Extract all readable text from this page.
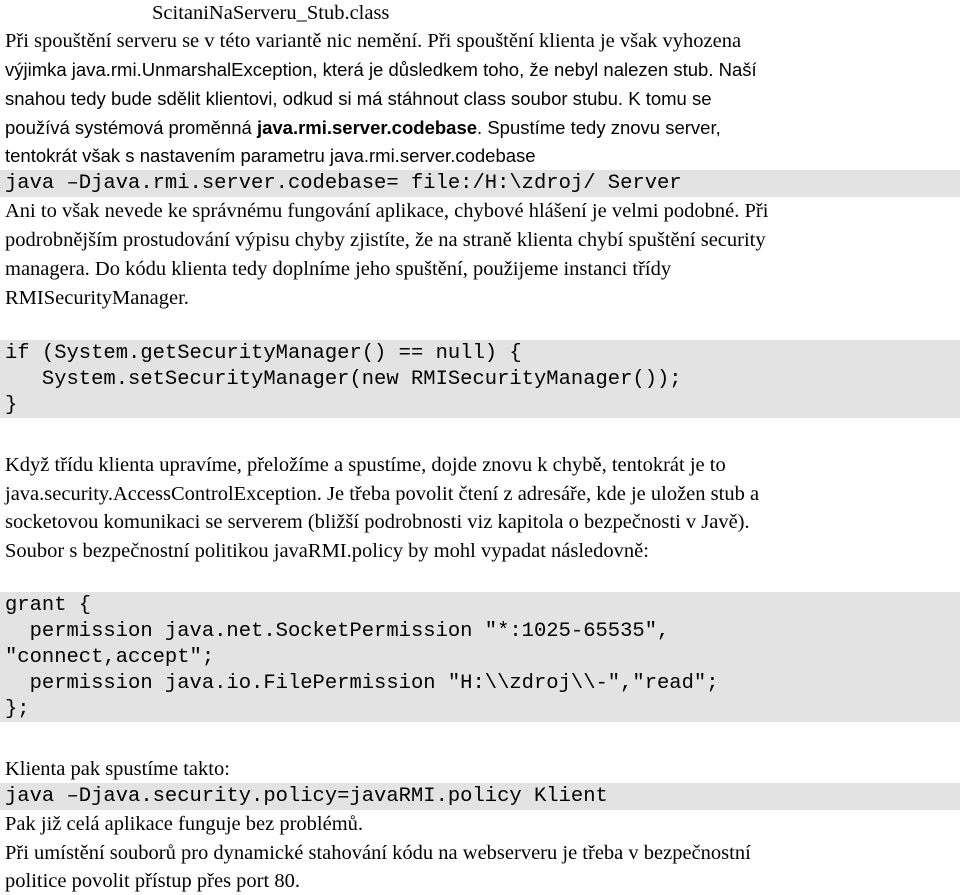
ScitaniNaServeru_Stub.class
Při spouštění serveru se v této variantě nic nemění. Při spouštění klienta je však vyhozena
výjimka java.rmi.UnmarshalException, která je důsledkem toho, že nebyl nalezen stub. Naší
snahou tedy bude sdělit klientovi, odkud si má stáhnout class soubor stubu. K tomu se
používá systémová proměnná java.rmi.server.codebase. Spustíme tedy znovu server,
tentokrát však s nastavením parametru java.rmi.server.codebase
java –Djava.rmi.server.codebase= file:/H:\zdroj/ Server
Ani to však nevede ke správnému fungování aplikace, chybové hlášení je velmi podobné. Při
podrobnějším prostudování výpisu chyby zjistíte, že na straně klienta chybí spuštění security
managera. Do kódu klienta tedy doplníme jeho spuštění, použijeme instanci třídy
RMISecurityManager.
if (System.getSecurityManager() == null) {
System.setSecurityManager(new RMISecurityManager());
}
Když třídu klienta upravíme, přeložíme a spustíme, dojde znovu k chybě, tentokrát je to
java.security.AccessControlException. Je třeba povolit čtení z adresáře, kde je uložen stub a
socketovou komunikaci se serverem (bližší podrobnosti viz kapitola o bezpečnosti v Javě).
Soubor s bezpečnostní politikou javaRMI.policy by mohl vypadat následovně:
grant {
permission java.net.SocketPermission "*:1025-65535",
"connect,accept";
permission java.io.FilePermission "H:\\zdroj\\-","read";
};
Klienta pak spustíme takto:
java –Djava.security.policy=javaRMI.policy Klient
Pak již celá aplikace funguje bez problémů.
Při umístění souborů pro dynamické stahování kódu na webserveru je třeba v bezpečnostní
politice povolit přístup přes port 80.
